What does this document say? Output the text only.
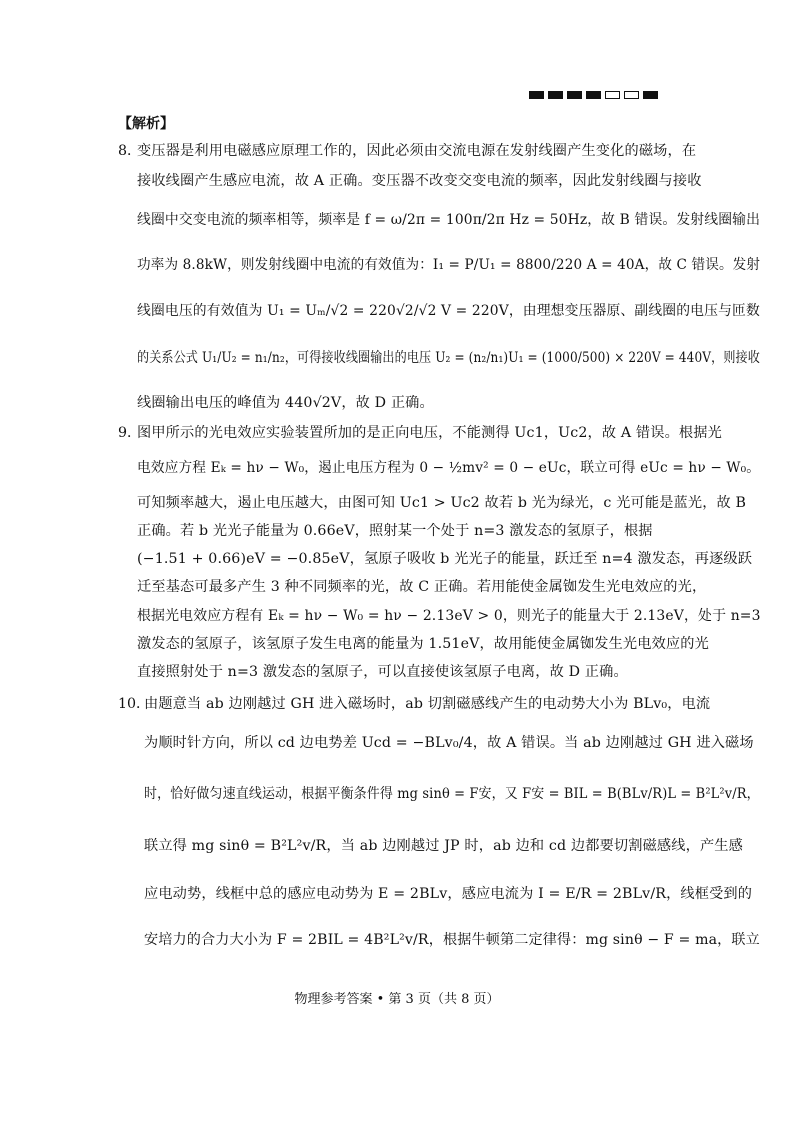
【解析】
8．
变压器是利用电磁感应原理工作的，因此必须由交流电源在发射线圈产生变化的磁场，在
接收线圈产生感应电流，故 A 正确。变压器不改变交变电流的频率，因此发射线圈与接收
线圈中交变电流的频率相等，频率是 f = ω/2π = 100π/2π Hz = 50Hz，故 B 错误。发射线圈输出
功率为 8.8kW，则发射线圈中电流的有效值为：I₁ = P/U₁ = 8800/220 A = 40A，故 C 错误。发射
线圈电压的有效值为 U₁ = Uₘ/√2 = 220√2/√2 V = 220V，由理想变压器原、副线圈的电压与匝数
的关系公式 U₁/U₂ = n₁/n₂，可得接收线圈输出的电压 U₂ = (n₂/n₁)U₁ = (1000/500) × 220V = 440V，则接收
线圈输出电压的峰值为 440√2V，故 D 正确。
9．
图甲所示的光电效应实验装置所加的是正向电压，不能测得 Uc1，Uc2，故 A 错误。根据光
电效应方程 Eₖ = hν − W₀，遏止电压方程为 0 − ½mv² = 0 − eUc，联立可得 eUc = hν − W₀。
可知频率越大，遏止电压越大，由图可知 Uc1 > Uc2 故若 b 光为绿光，c 光可能是蓝光，故 B
正确。若 b 光光子能量为 0.66eV，照射某一个处于 n=3 激发态的氢原子，根据
(−1.51 + 0.66)eV = −0.85eV，氢原子吸收 b 光光子的能量，跃迁至 n=4 激发态，再逐级跃
迁至基态可最多产生 3 种不同频率的光，故 C 正确。若用能使金属铷发生光电效应的光，
根据光电效应方程有 Eₖ = hν − W₀ = hν − 2.13eV > 0，则光子的能量大于 2.13eV，处于 n=3
激发态的氢原子，该氢原子发生电离的能量为 1.51eV，故用能使金属铷发生光电效应的光
直接照射处于 n=3 激发态的氢原子，可以直接使该氢原子电离，故 D 正确。
10．
由题意当 ab 边刚越过 GH 进入磁场时，ab 切割磁感线产生的电动势大小为 BLv₀，电流
为顺时针方向，所以 cd 边电势差 Ucd = −BLv₀/4，故 A 错误。当 ab 边刚越过 GH 进入磁场
时，恰好做匀速直线运动，根据平衡条件得 mg sinθ = F安，又 F安 = BIL = B(BLv/R)L = B²L²v/R，
联立得 mg sinθ = B²L²v/R，当 ab 边刚越过 JP 时，ab 边和 cd 边都要切割磁感线，产生感
应电动势，线框中总的感应电动势为 E = 2BLv，感应电流为 I = E/R = 2BLv/R，线框受到的
安培力的合力大小为 F = 2BIL = 4B²L²v/R，根据牛顿第二定律得：mg sinθ − F = ma，联立
物理参考答案 • 第 3 页（共 8 页）
